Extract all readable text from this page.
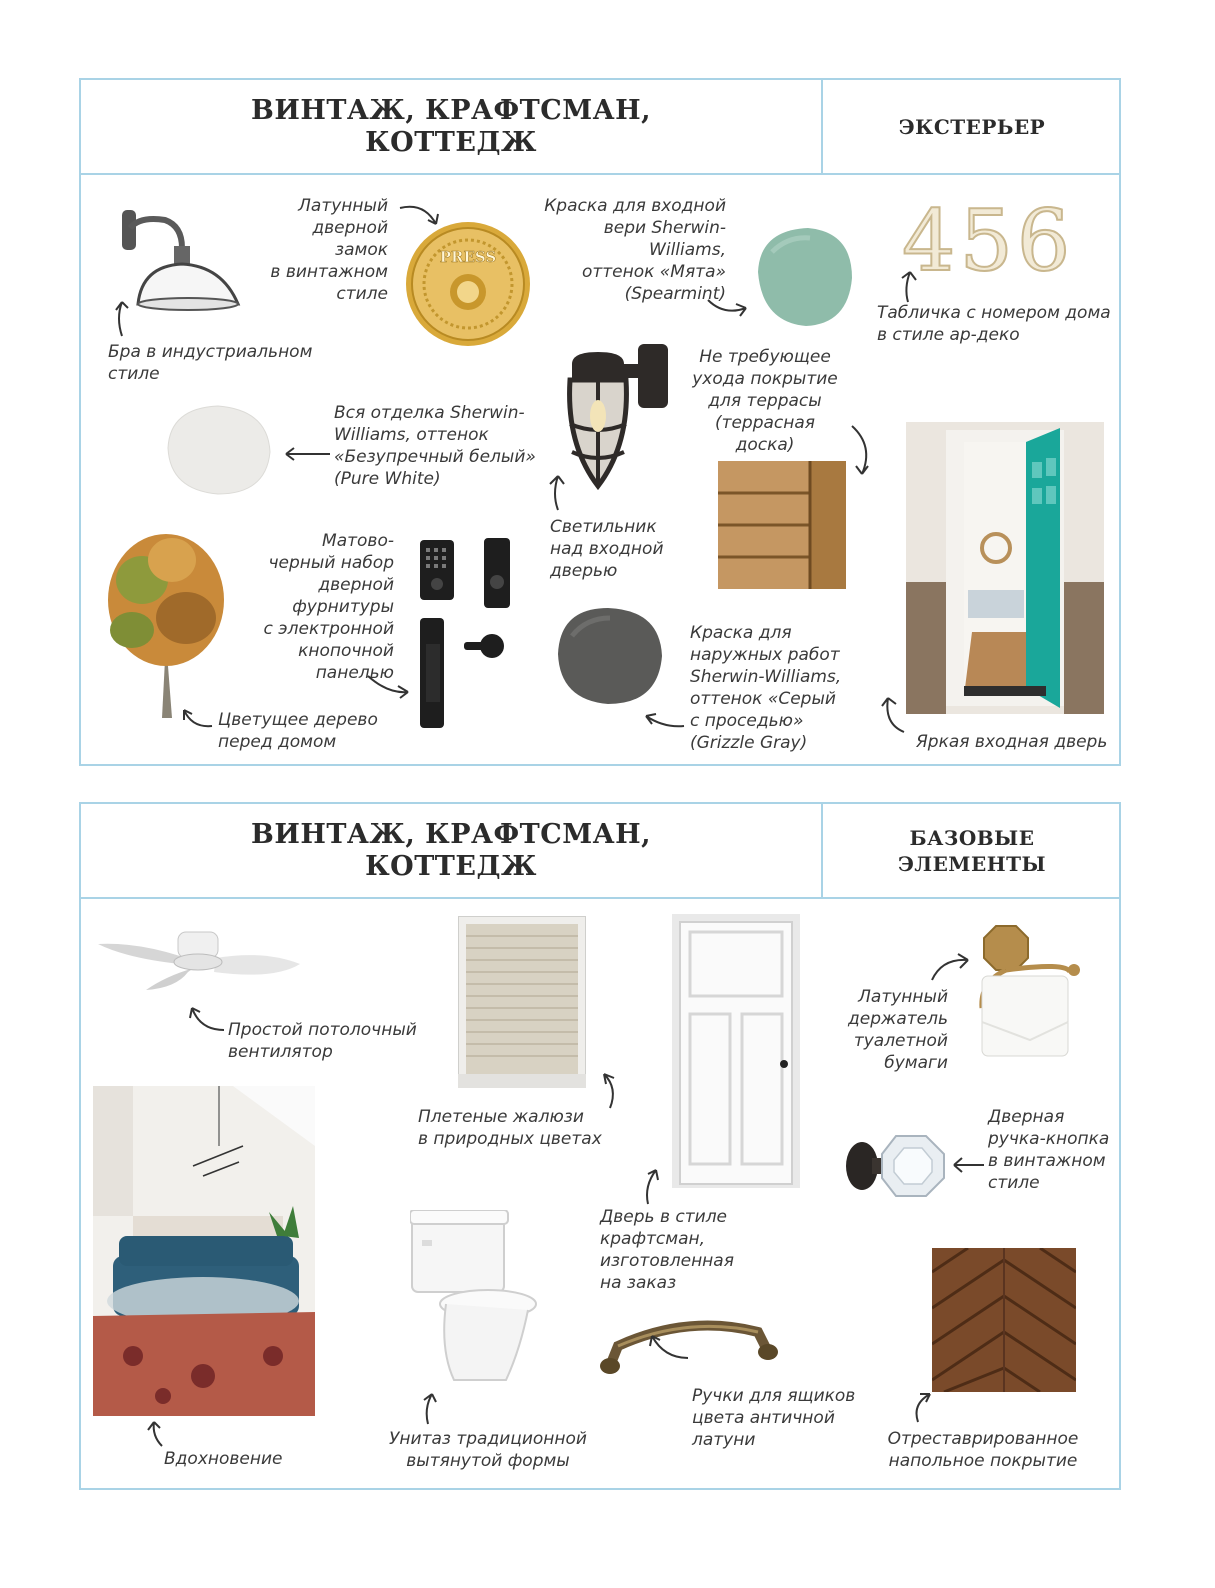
ВИНТАЖ, КРАФТСМАН,
КОТТЕДЖ	ЭКСТЕРЬЕР
Бра в индустриальном
стиле
Латунный
дверной
замок
в винтажном
стиле
PRESS
Краска для входной
вери Sherwin-Williams,
оттенок «Мята»
(Spearmint)
456
Табличка с номером дома
в стиле ар-деко
Вся отделка Sherwin-
Williams, оттенок
«Безупречный белый»
(Pure White)
Светильник
над входной
дверью
Не требующее
ухода покрытие
для террасы
(террасная
доска)
Яркая входная дверь
Цветущее дерево
перед домом
Матово-
черный набор
дверной
фурнитуры
с электронной
кнопочной
панелью
Краска для
наружных работ
Sherwin-Williams,
оттенок «Серый
с проседью»
(Grizzle Gray)
ВИНТАЖ, КРАФТСМАН,
КОТТЕДЖ
БАЗОВЫЕ
ЭЛЕМЕНТЫ
Простой потолочный
вентилятор
Плетеные жалюзи
в природных цветах
Дверь в стиле
крафтсман,
изготовленная
на заказ
Латунный
держатель
туалетной
бумаги
Дверная
ручка-кнопка
в винтажном
стиле
Вдохновение
Унитаз традиционной
вытянутой формы
Ручки для ящиков
цвета античной
латуни	Отреставрированное
напольное покрытие
